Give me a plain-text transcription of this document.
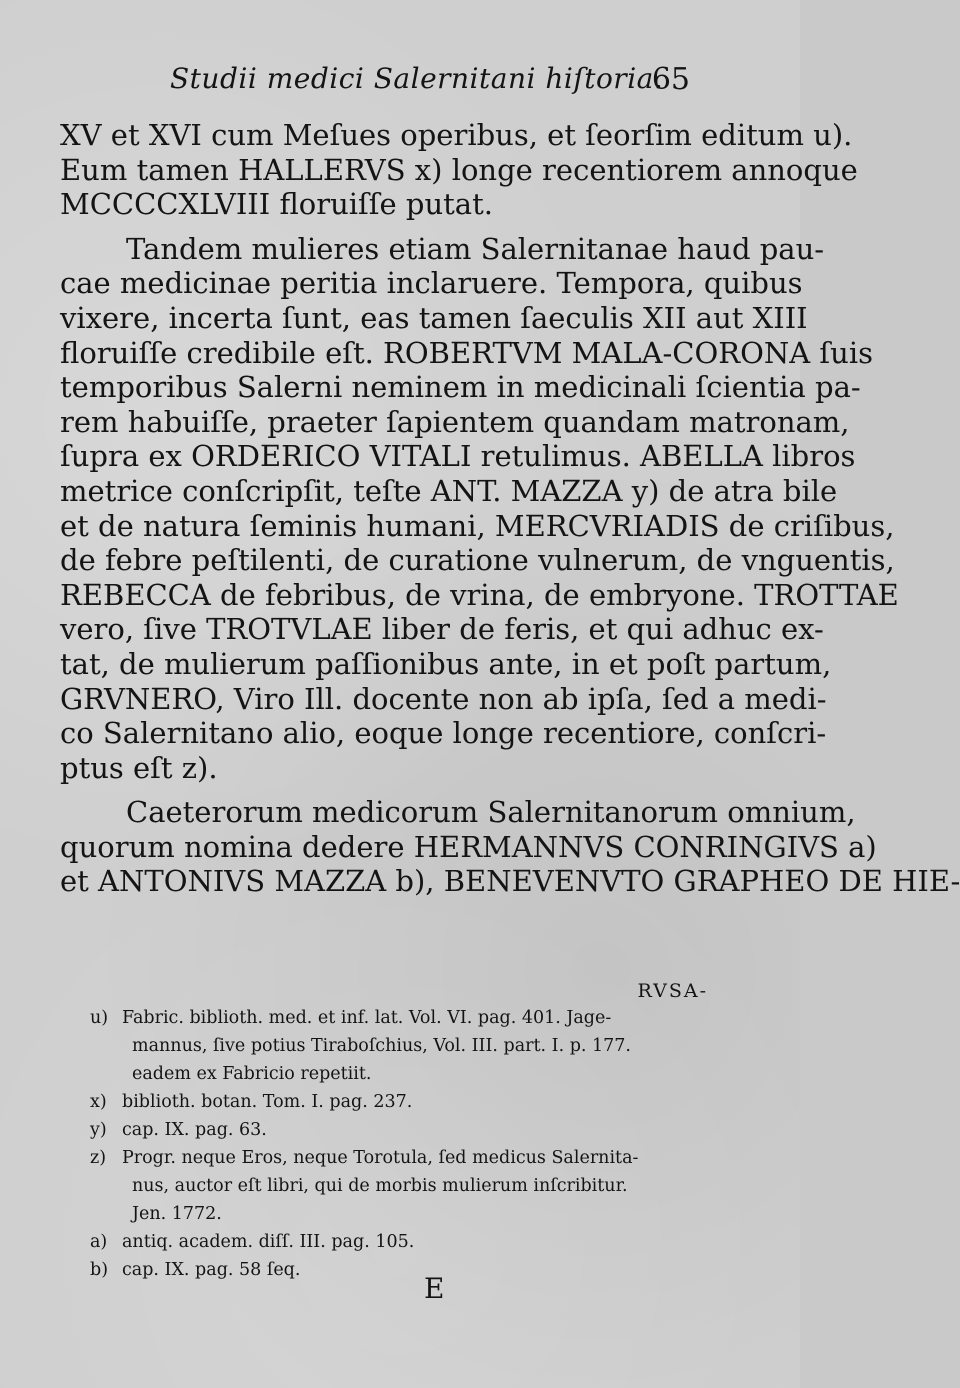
Studii medici Salernitani hiſtoria.
65
XV et XVI cum Meſues operibus, et ſeorſim editum u).
Eum tamen HALLERVS x) longe recentiorem annoque
MCCCCXLVIII floruiſſe putat.
Tandem mulieres etiam Salernitanae haud pau-
cae medicinae peritia inclaruere. Tempora, quibus
vixere, incerta ſunt, eas tamen ſaeculis XII aut XIII
floruiſſe credibile eſt. ROBERTVM MALA-CORONA ſuis
temporibus Salerni neminem in medicinali ſcientia pa-
rem habuiſſe, praeter ſapientem quandam matronam,
ſupra ex ORDERICO VITALI retulimus. ABELLA libros
metrice conſcripſit, teſte ANT. MAZZA y) de atra bile
et de natura ſeminis humani, MERCVRIADIS de criſibus,
de febre peſtilenti, de curatione vulnerum, de vnguentis,
REBECCA de febribus, de vrina, de embryone. TROTTAE
vero, ſive TROTVLAE liber de feris, et qui adhuc ex-
tat, de mulierum paſſionibus ante, in et poſt partum,
GRVNERO, Viro Ill. docente non ab ipſa, ſed a medi-
co Salernitano alio, eoque longe recentiore, conſcri-
ptus eſt z).
Caeterorum medicorum Salernitanorum omnium,
quorum nomina dedere HERMANNVS CONRINGIVS a)
et ANTONIVS MAZZA b), BENEVENVTO GRAPHEO DE HIE-
RVSA-
u) Fabric. biblioth. med. et inf. lat. Vol. VI. pag. 401. Jage-
mannus, ſive potius Tiraboſchius, Vol. III. part. I. p. 177.
eadem ex Fabricio repetiit.
x) biblioth. botan. Tom. I. pag. 237.
y) cap. IX. pag. 63.
z) Progr. neque Eros, neque Torotula, ſed medicus Salernita-
nus, auctor eſt libri, qui de morbis mulierum inſcribitur.
Jen. 1772.
a) antiq. academ. diſſ. III. pag. 105.
b) cap. IX. pag. 58 ſeq.
E
